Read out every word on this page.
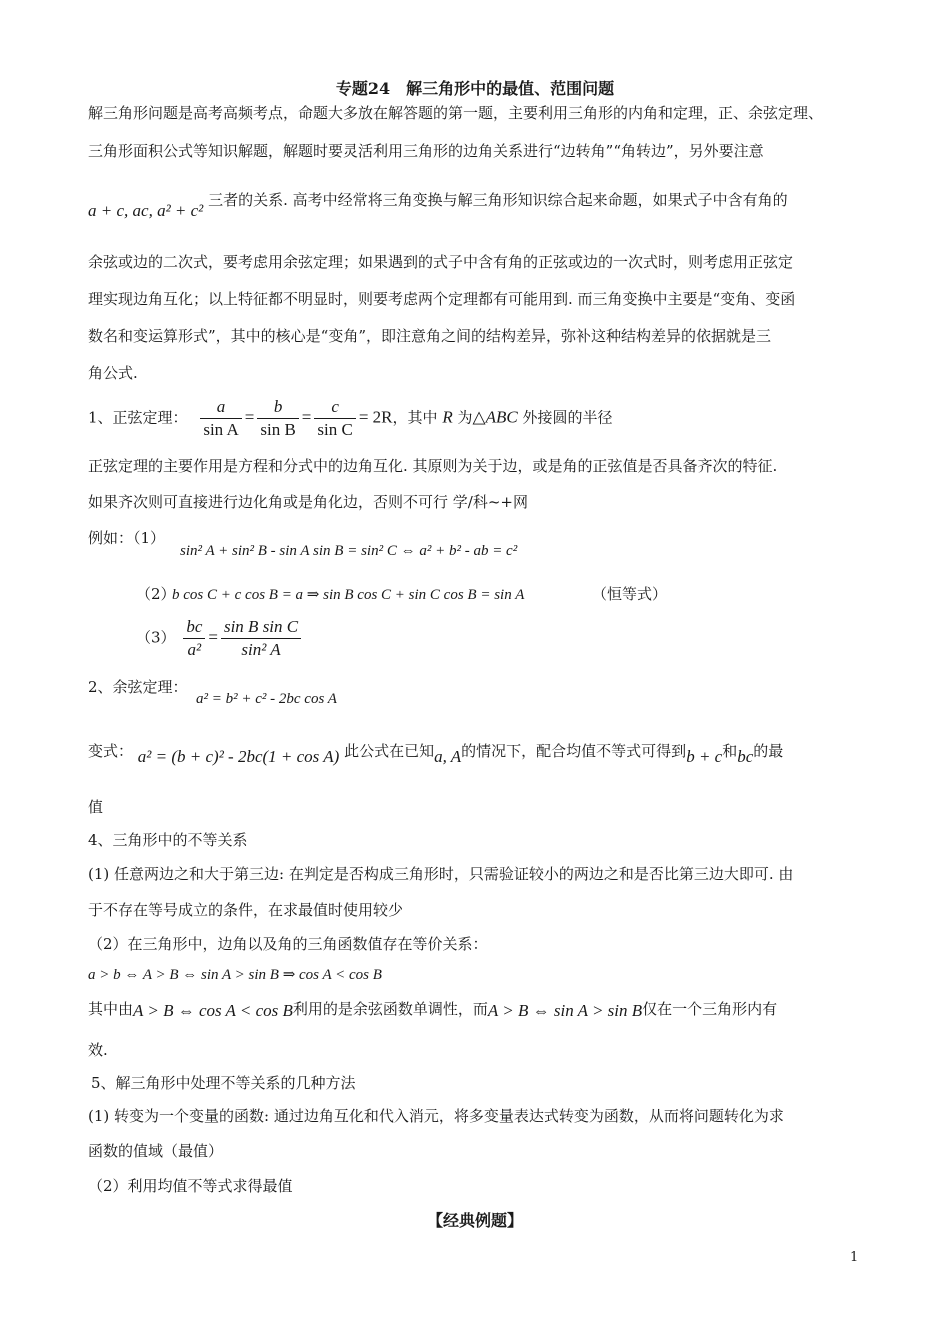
专题24　解三角形中的最值、范围问题
解三角形问题是高考高频考点，命题大多放在解答题的第一题，主要利用三角形的内角和定理，正、余弦定理、
三角形面积公式等知识解题，解题时要灵活利用三角形的边角关系进行“边转角”“角转边”，另外要注意
a + c, ac, a² + c² 三者的关系. 高考中经常将三角变换与解三角形知识综合起来命题，如果式子中含有角的
余弦或边的二次式，要考虑用余弦定理；如果遇到的式子中含有角的正弦或边的一次式时，则考虑用正弦定
理实现边角互化；以上特征都不明显时，则要考虑两个定理都有可能用到. 而三角变换中主要是“变角、变函
数名和变运算形式”，其中的核心是“变角”，即注意角之间的结构差异，弥补这种结构差异的依据就是三
角公式.
1、正弦定理： $\frac{a}{\text{sin A}} = \frac{b}{\text{sin B}} = \frac{c}{\text{sin C}} = 2R$，其中 R 为△ABC 外接圆的半径
正弦定理的主要作用是方程和分式中的边角互化. 其原则为关于边，或是角的正弦值是否具备齐次的特征.
如果齐次则可直接进行边化角或是角化边，否则不可行 学/科~+网
例如：（1）
sin² A + sin² B - sin A sin B = sin² C ⇔ a² + b² - ab = c²
（2）
b cos C + c cos B = a ⇒ sin B cos C + sin C cos B = sin A	（恒等式）
$(3) \frac{bc}{\text{a²}} = \frac{\text{sin B sin C}}{\text{sin² A}}$
2、余弦定理：
a² = b² + c² - 2bc cos A
变式： a² = (b + c)² - 2bc(1 + cos A) 此公式在已知a, A的情况下，配合均值不等式可得到b + c和bc的最
值
4、三角形中的不等关系
(1) 任意两边之和大于第三边: 在判定是否构成三角形时，只需验证较小的两边之和是否比第三边大即可. 由
于不存在等号成立的条件，在求最值时使用较少
（2）在三角形中，边角以及角的三角函数值存在等价关系：
a > b ⇔ A > B ⇔ sin A > sin B ⇒ cos A < cos B
其中由A > B ⇔ cos A < cos B利用的是余弦函数单调性，而A > B ⇔ sin A > sin B仅在一个三角形内有
效.
5、解三角形中处理不等关系的几种方法
(1) 转变为一个变量的函数: 通过边角互化和代入消元，将多变量表达式转变为函数，从而将问题转化为求
函数的值域（最值）
（2）利用均值不等式求得最值
【经典例题】
1
